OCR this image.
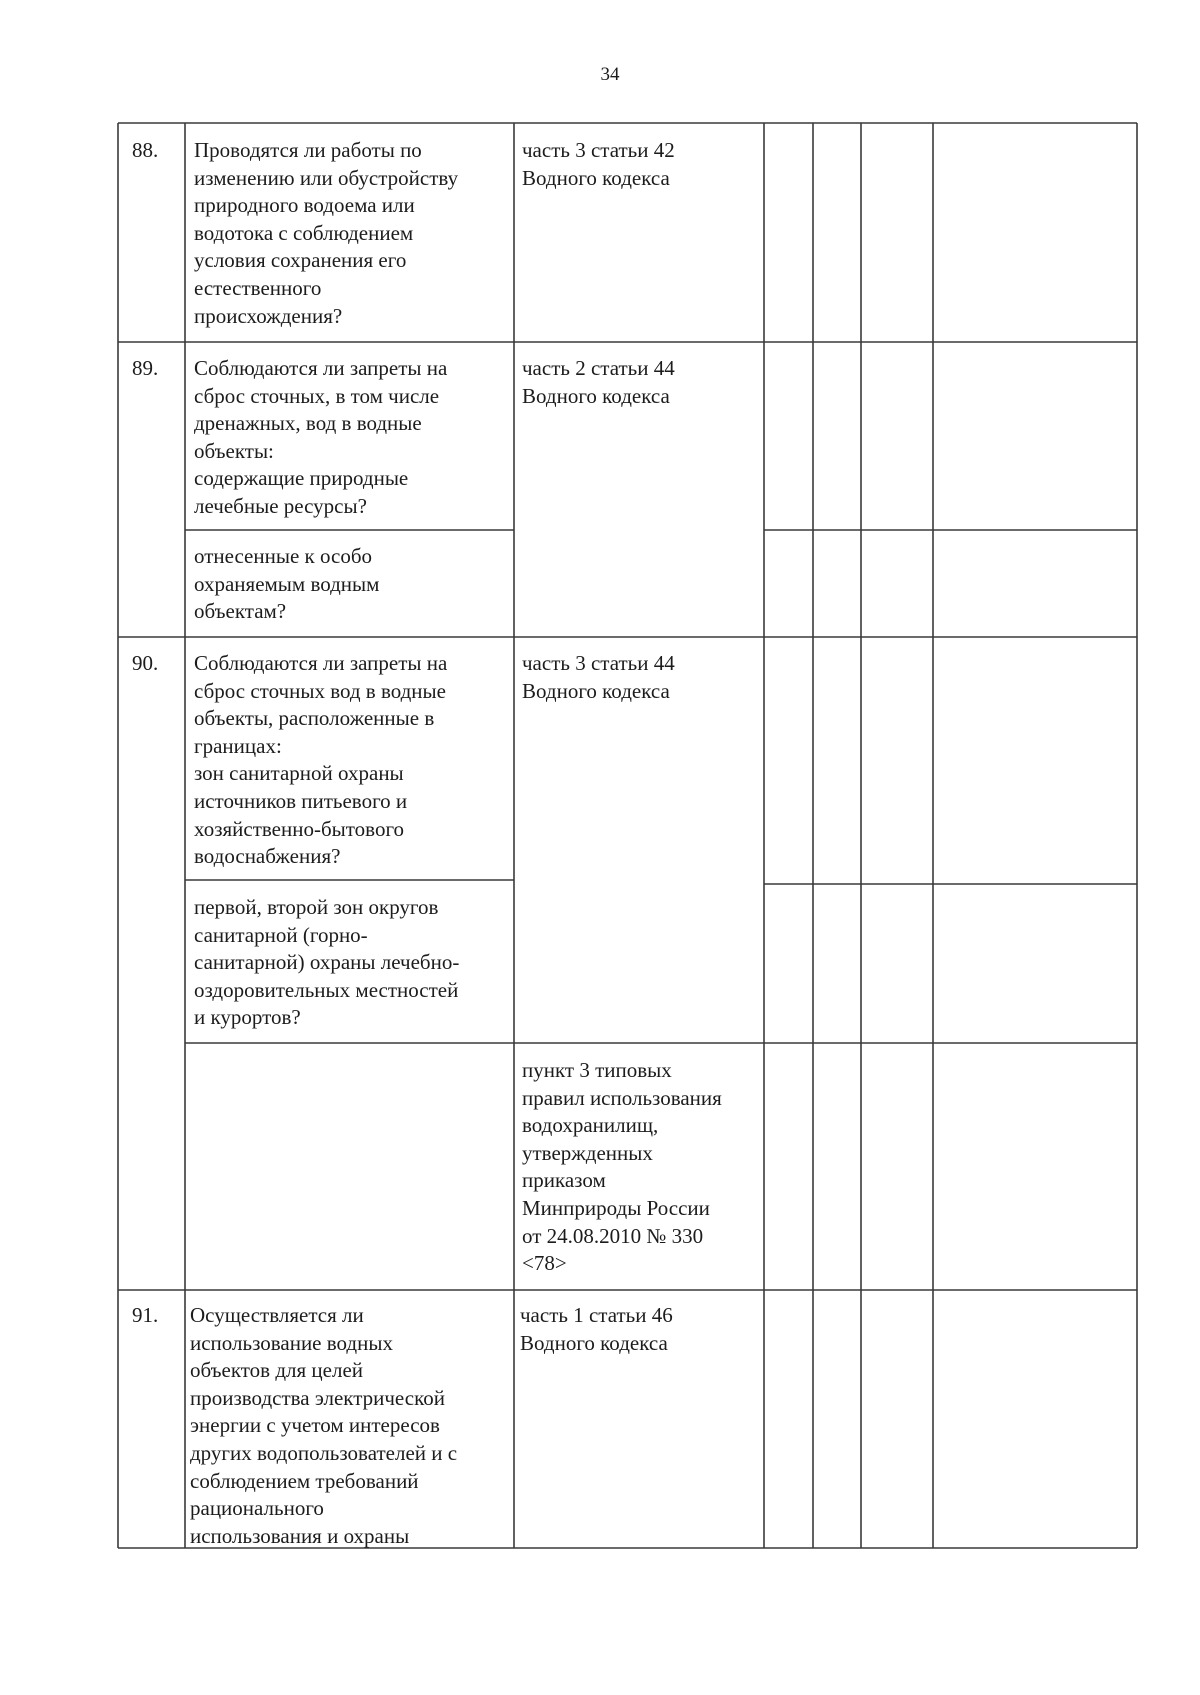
34
88. Проводятся ли работы по
изменению или обустройству
природного водоема или
водотока с соблюдением
условия сохранения его
естественного
происхождения?
часть 3 статьи 42
Водного кодекса
89. Соблюдаются ли запреты на
сброс сточных, в том числе
дренажных, вод в водные
объекты:
содержащие природные
лечебные ресурсы?
отнесенные к особо
охраняемым водным
объектам?
часть 2 статьи 44
Водного кодекса
90. Соблюдаются ли запреты на
сброс сточных вод в водные
объекты, расположенные в
границах:
зон санитарной охраны
источников питьевого и
хозяйственно-бытового
водоснабжения?
первой, второй зон округов
санитарной (горно-
санитарной) охраны лечебно-
оздоровительных местностей
и курортов?
часть 3 статьи 44
Водного кодекса
пункт 3 типовых
правил использования
водохранилищ,
утвержденных
приказом
Минприроды России
от 24.08.2010 № 330
<78>
91. Осуществляется ли
использование водных
объектов для целей
производства электрической
энергии с учетом интересов
других водопользователей и с
соблюдением требований
рационального
использования и охраны
часть 1 статьи 46
Водного кодекса
